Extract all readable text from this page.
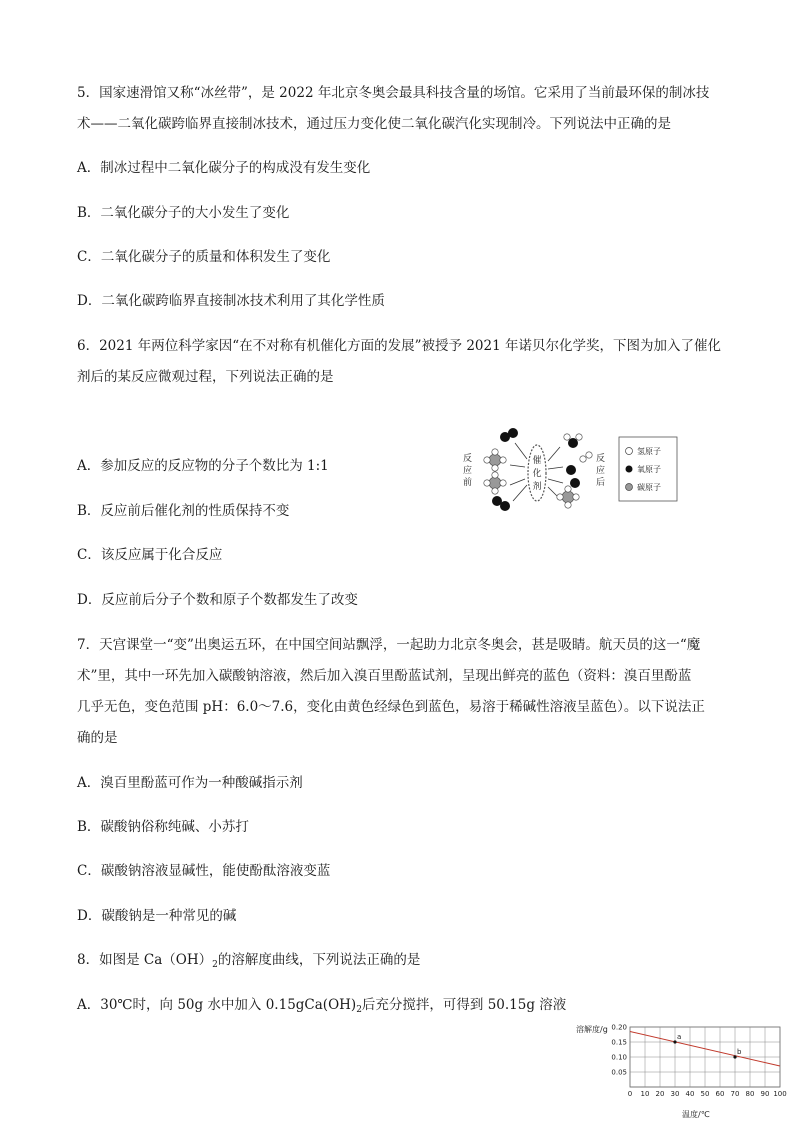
5．国家速滑馆又称“冰丝带”，是 2022 年北京冬奥会最具科技含量的场馆。它采用了当前最环保的制冰技
术——二氧化碳跨临界直接制冰技术，通过压力变化使二氧化碳汽化实现制冷。下列说法中正确的是
A．制冰过程中二氧化碳分子的构成没有发生变化
B．二氧化碳分子的大小发生了变化
C．二氧化碳分子的质量和体积发生了变化
D．二氧化碳跨临界直接制冰技术利用了其化学性质
6．2021 年两位科学家因“在不对称有机催化方面的发展”被授予 2021 年诺贝尔化学奖，下图为加入了催化
剂后的某反应微观过程，下列说法正确的是
A．参加反应的反应物的分子个数比为 1:1
B．反应前后催化剂的性质保持不变
C．该反应属于化合反应
D．反应前后分子个数和原子个数都发生了改变
反
应
前
催
化
剂
反
应
后
氢原子
氧原子
碳原子
7．天宫课堂一“变”出奥运五环，在中国空间站飘浮，一起助力北京冬奥会，甚是吸睛。航天员的这一“魔
术”里，其中一环先加入碳酸钠溶液，然后加入溴百里酚蓝试剂，呈现出鲜亮的蓝色（资料：溴百里酚蓝
几乎无色，变色范围 pH：6.0～7.6，变化由黄色经绿色到蓝色，易溶于稀碱性溶液呈蓝色）。以下说法正
确的是
A．溴百里酚蓝可作为一种酸碱指示剂
B．碳酸钠俗称纯碱、小苏打
C．碳酸钠溶液显碱性，能使酚酞溶液变蓝
D．碳酸钠是一种常见的碱
8．如图是 $Ca(OH)_2$的溶解度曲线，下列说法正确的是
A．30℃时，向 50g 水中加入 $0.15gCa(OH)_2$后充分搅拌，可得到 50.15g 溶液
溶解度/g
温度/℃
0.05
0.10
0.15
0.20
0 10 20 30 40 50 60 70 80 90 100
a
b
